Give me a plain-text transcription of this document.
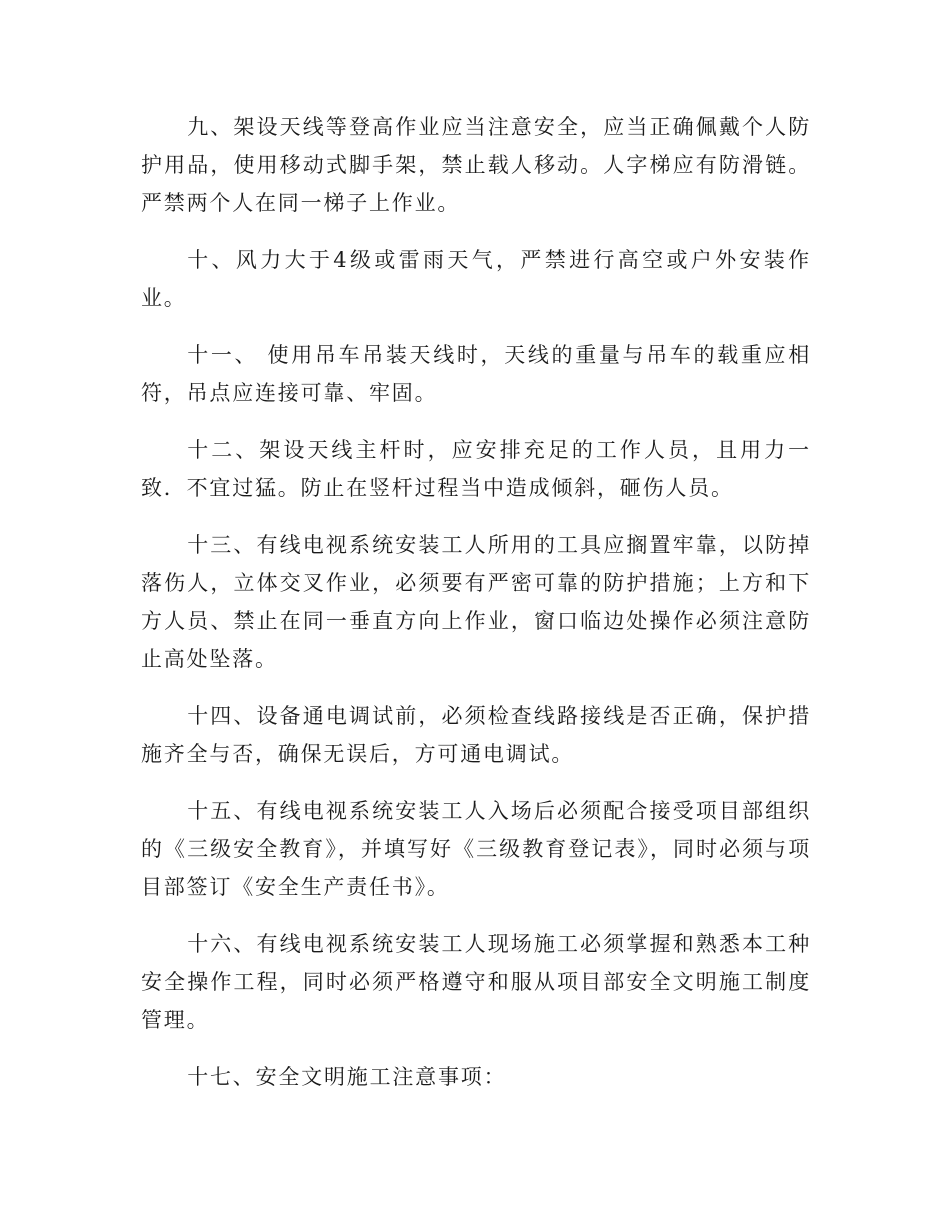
九、架设天线等登高作业应当注意安全，应当正确佩戴个人防护用品，使用移动式脚手架，禁止载人移动。人字梯应有防滑链。严禁两个人在同一梯子上作业。

十、风力大于4级或雷雨天气，严禁进行高空或户外安装作业。

十一、 使用吊车吊装天线时，天线的重量与吊车的载重应相符，吊点应连接可靠、牢固。

十二、架设天线主杆时，应安排充足的工作人员，且用力一致．不宜过猛。防止在竖杆过程当中造成倾斜，砸伤人员。

十三、有线电视系统安装工人所用的工具应搁置牢靠，以防掉落伤人，立体交叉作业，必须要有严密可靠的防护措施；上方和下方人员、禁止在同一垂直方向上作业，窗口临边处操作必须注意防止高处坠落。

十四、设备通电调试前，必须检查线路接线是否正确，保护措施齐全与否，确保无误后，方可通电调试。

十五、有线电视系统安装工人入场后必须配合接受项目部组织的《三级安全教育》，并填写好《三级教育登记表》，同时必须与项目部签订《安全生产责任书》。

十六、有线电视系统安装工人现场施工必须掌握和熟悉本工种安全操作工程，同时必须严格遵守和服从项目部安全文明施工制度管理。

十七、安全文明施工注意事项：
